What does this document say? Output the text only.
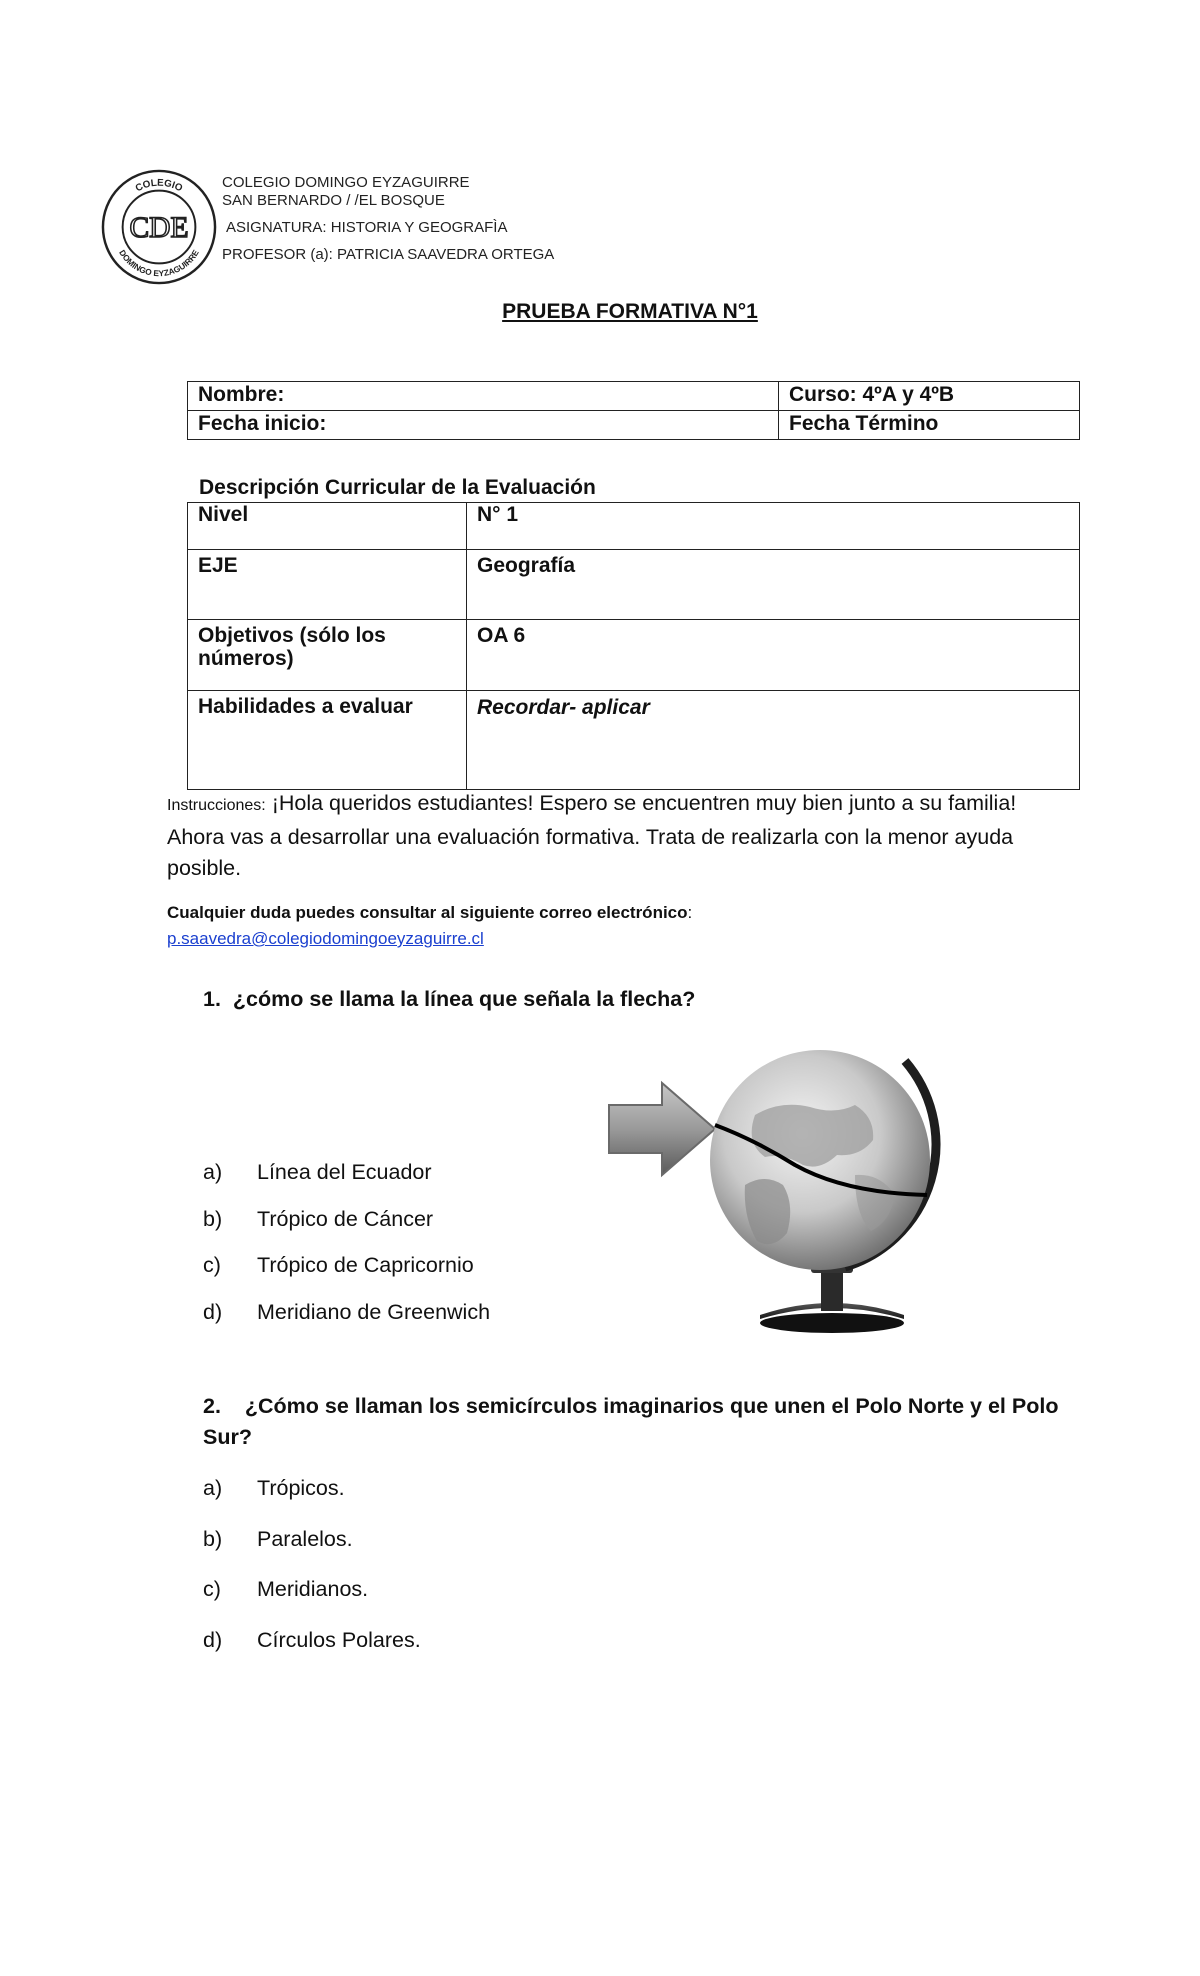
COLEGIO
DOMINGO EYZAGUIRRE
CDE
COLEGIO DOMINGO EYZAGUIRRE
SAN BERNARDO / /EL BOSQUE
ASIGNATURA: HISTORIA Y GEOGRAFÌA
PROFESOR (a): PATRICIA SAAVEDRA ORTEGA
PRUEBA FORMATIVA N°1
Nombre:	Curso: 4ºA y 4ºB
Fecha inicio:	Fecha Término
Descripción Curricular de la Evaluación
Nivel	N° 1
EJE	Geografía
Objetivos (sólo los números)	OA 6
Habilidades a evaluar	Recordar- aplicar
Instrucciones: ¡Hola queridos estudiantes! Espero se encuentren muy bien junto a su familia! Ahora vas a desarrollar una evaluación formativa. Trata de realizarla con la menor ayuda posible.
Cualquier duda puedes consultar al siguiente correo electrónico:
p.saavedra@colegiodomingoeyzaguirre.cl
1. ¿cómo se llama la línea que señala la flecha?
a) Línea del Ecuador
b) Trópico de Cáncer
c) Trópico de Capricornio
d) Meridiano de Greenwich
2. ¿Cómo se llaman los semicírculos imaginarios que unen el Polo Norte y el Polo Sur?
a) Trópicos.
b) Paralelos.
c) Meridianos.
d) Círculos Polares.
